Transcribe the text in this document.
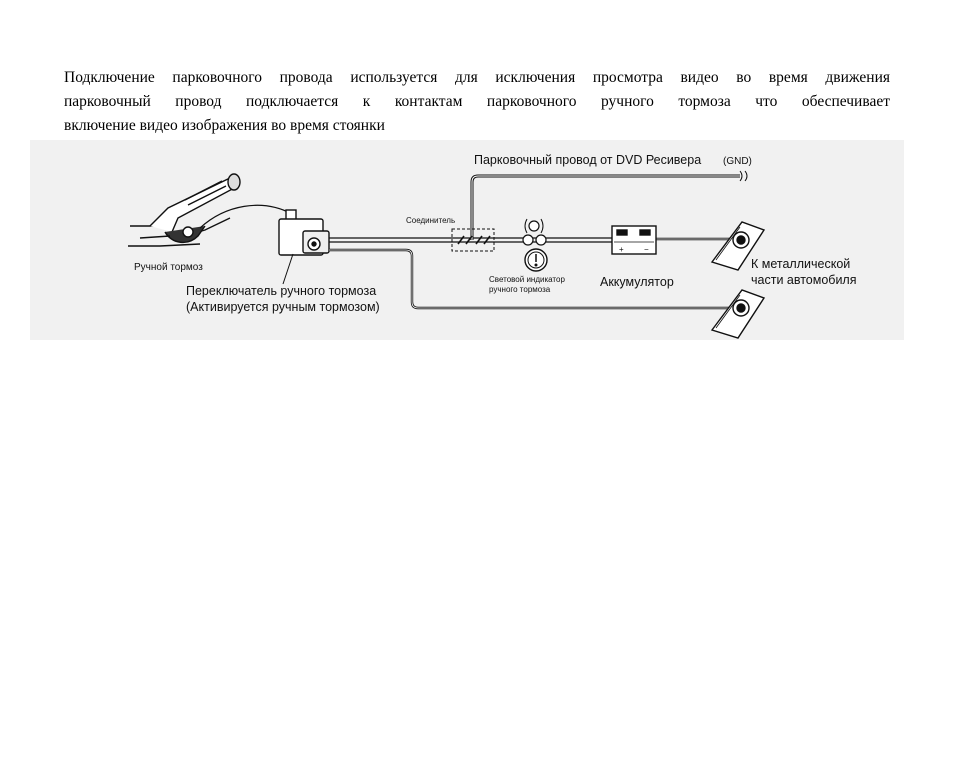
Подключение парковочного провода используется для исключения просмотра видео во время движения
парковочный провод подключается к контактам парковочного ручного тормоза что обеспечивает
включение видео изображения во время стоянки

+	−
Парковочный провод от DVD Ресивера (GND)
Соединитель
Ручной тормоз
Переключатель ручного тормоза
(Активируется ручным тормозом)
Световой индикатор
ручного тормоза
Аккумулятор
К металлической
части автомобиля
